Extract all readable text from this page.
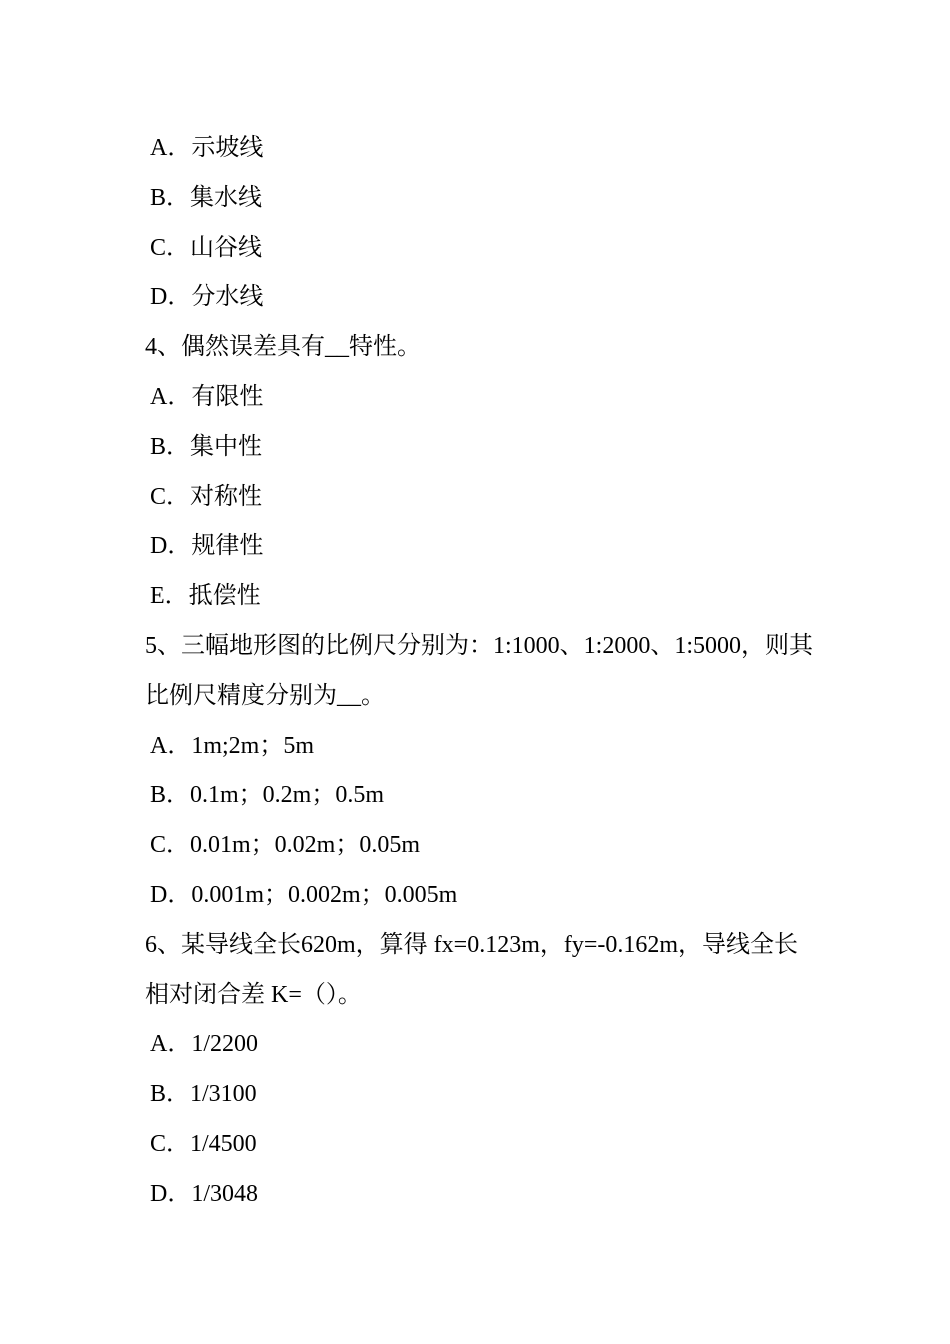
A．示坡线
B．集水线
C．山谷线
D．分水线
4、偶然误差具有__特性。
A．有限性
B．集中性
C．对称性
D．规律性
E．抵偿性
5、三幅地形图的比例尺分别为：1:1000、1:2000、1:5000，则其
比例尺精度分别为__。
A．1m;2m；5m
B．0.1m；0.2m；0.5m
C．0.01m；0.02m；0.05m
D．0.001m；0.002m；0.005m
6、某导线全长620m，算得 fx=0.123m，fy=-0.162m，导线全长
相对闭合差 K=（）。
A．1/2200
B．1/3100
C．1/4500
D．1/3048
